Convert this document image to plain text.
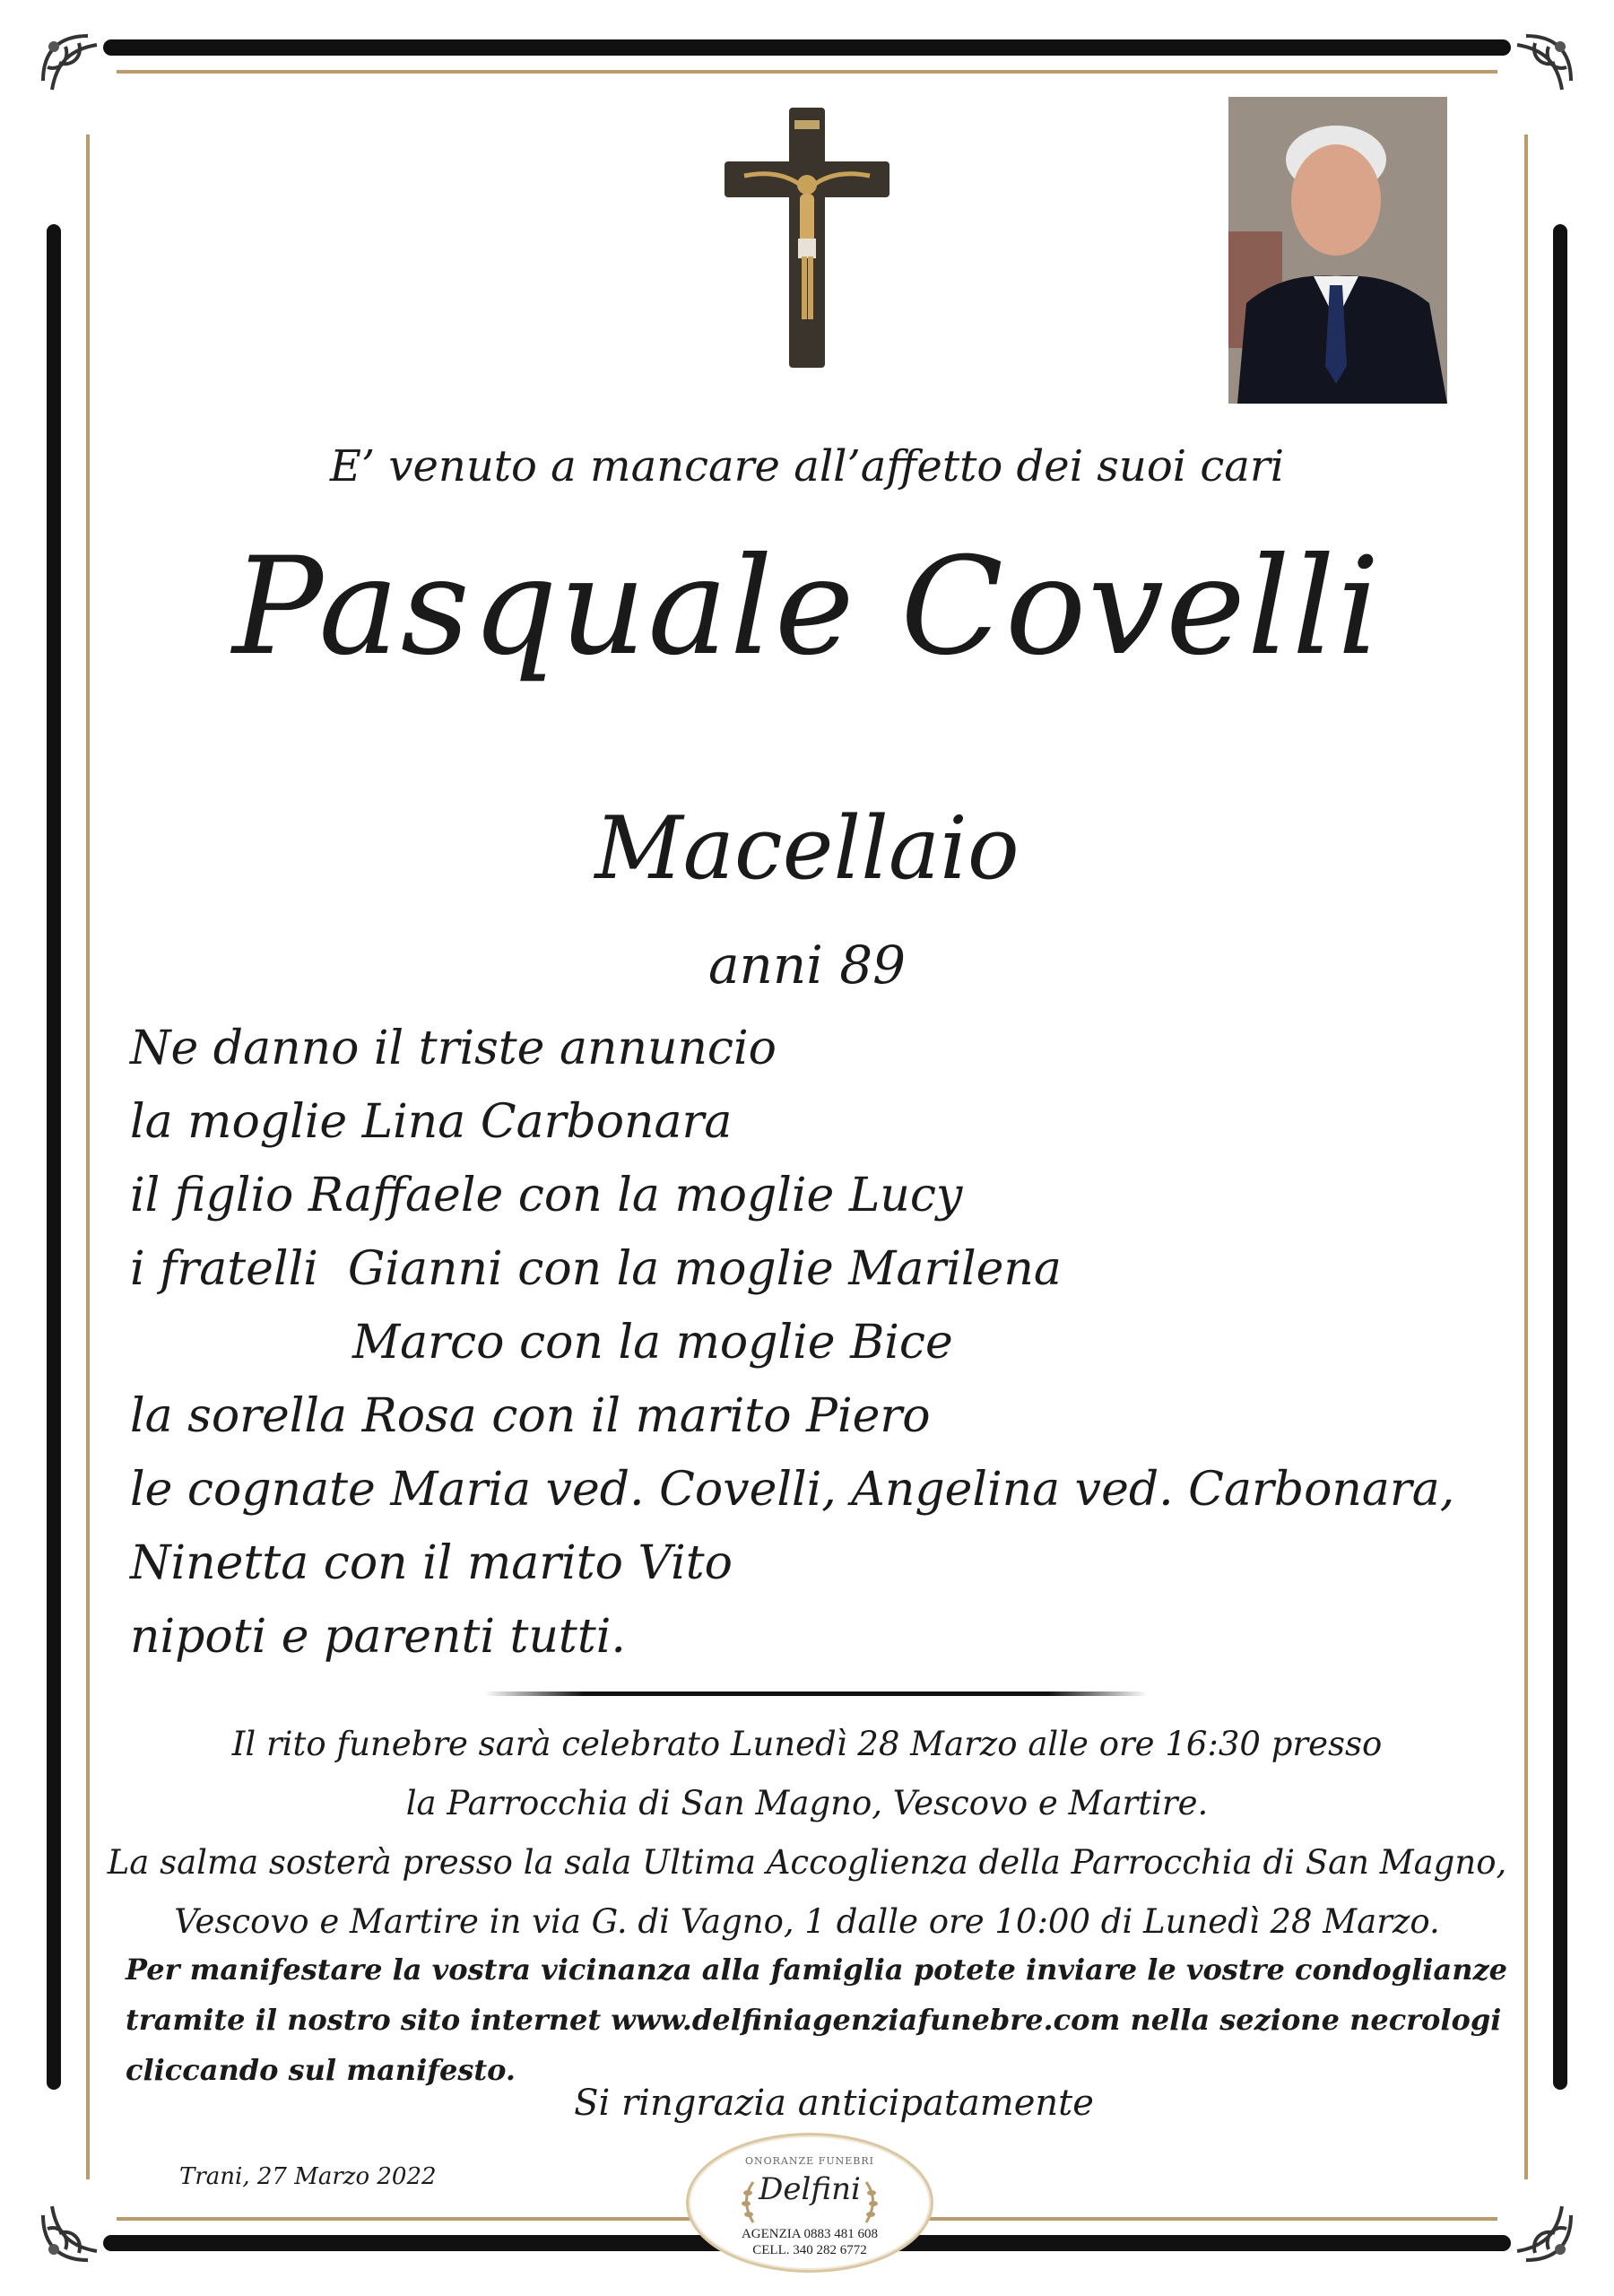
E’ venuto a mancare all’affetto dei suoi cari
Pasquale Covelli
Macellaio
anni 89
Ne danno il triste annuncio
la moglie Lina Carbonara
il figlio Raffaele con la moglie Lucy
i fratelli  Gianni con la moglie Marilena
Marco con la moglie Bice
la sorella Rosa con il marito Piero
le cognate Maria ved. Covelli, Angelina ved. Carbonara,
Ninetta con il marito Vito
nipoti e parenti tutti.
Il rito funebre sarà celebrato Lunedì 28 Marzo alle ore 16:30 presso
la Parrocchia di San Magno, Vescovo e Martire.
La salma sosterà presso la sala Ultima Accoglienza della Parrocchia di San Magno,
Vescovo e Martire in via G. di Vagno, 1 dalle ore 10:00 di Lunedì 28 Marzo.
Per manifestare la vostra vicinanza alla famiglia potete inviare le vostre condoglianze
tramite il nostro sito internet www.delfiniagenziafunebre.com nella sezione necrologi
cliccando sul manifesto.
Si ringrazia anticipatamente
Trani, 27 Marzo 2022
ONORANZE FUNEBRI
Delfini
AGENZIA 0883 481 608
CELL. 340 282 6772
